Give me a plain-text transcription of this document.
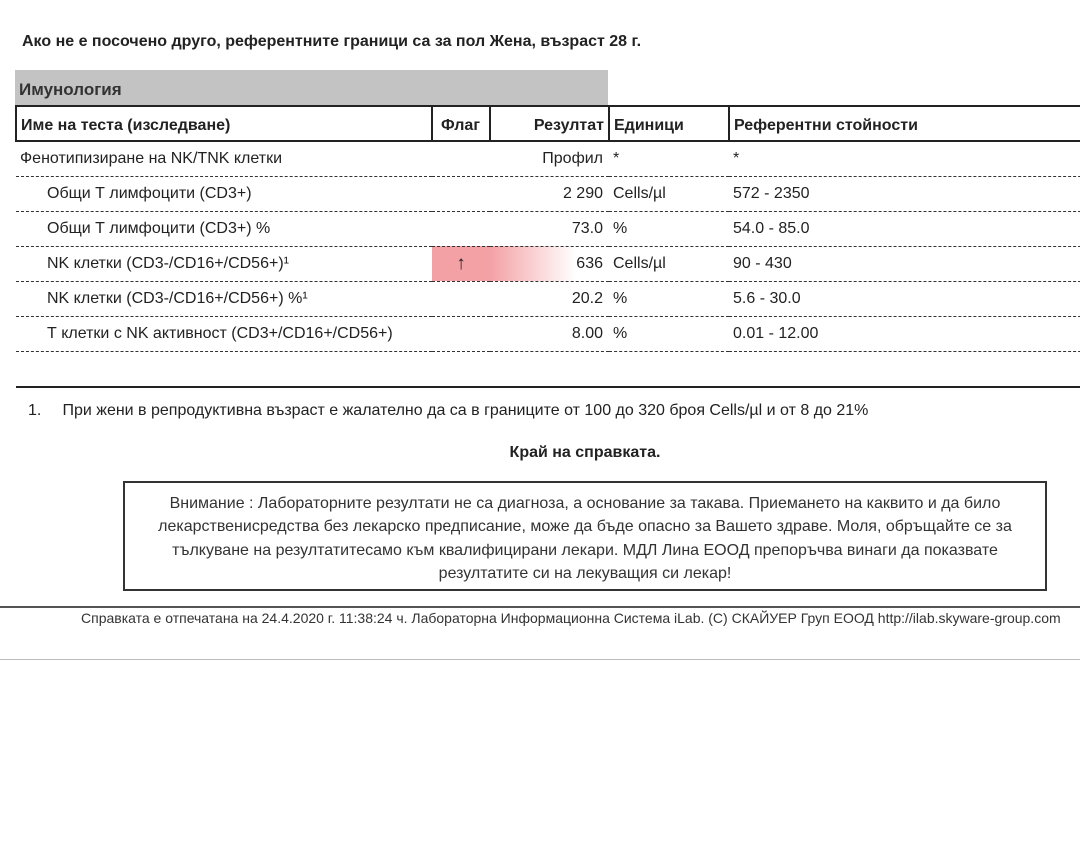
Ако не е посочено друго, референтните граници са за пол Жена, възраст 28 г.
Имунология
Име на теста (изследване)	Флаг	Резултат	Единици	Референтни стойности
Фенотипизиране на NK/TNK клетки		Профил	*	*
Общи Т лимфоцити (CD3+)		2 290	Cells/µl	572 - 2350
Общи Т лимфоцити (CD3+) %		73.0	%	54.0 - 85.0
NK клетки (CD3-/CD16+/CD56+)¹	↑	636	Cells/µl	90 - 430
NK клетки (CD3-/CD16+/CD56+) %¹		20.2	%	5.6 - 30.0
Т клетки с NK активност (CD3+/CD16+/CD56+)		8.00	%	0.01 - 12.00

1. При жени в репродуктивна възраст е жалателно да са в границите от 100 до 320 броя Cells/µl и от 8 до 21%
Край на справката.
Внимание : Лабораторните резултати не са диагноза, а основание за такава. Приемането на каквито и да било лекарственисредства без лекарско предписание, може да бъде опасно за Вашето здраве. Моля, обръщайте се за тълкуване на резултатитесамо към квалифицирани лекари. МДЛ Лина ЕООД препоръчва винаги да показвате резултатите си на лекуващия си лекар!
Справката е отпечатана на 24.4.2020 г. 11:38:24 ч. Лабораторна Информационна Система iLab. (C) СКАЙУЕР Груп ЕООД http://ilab.skyware-group.com
